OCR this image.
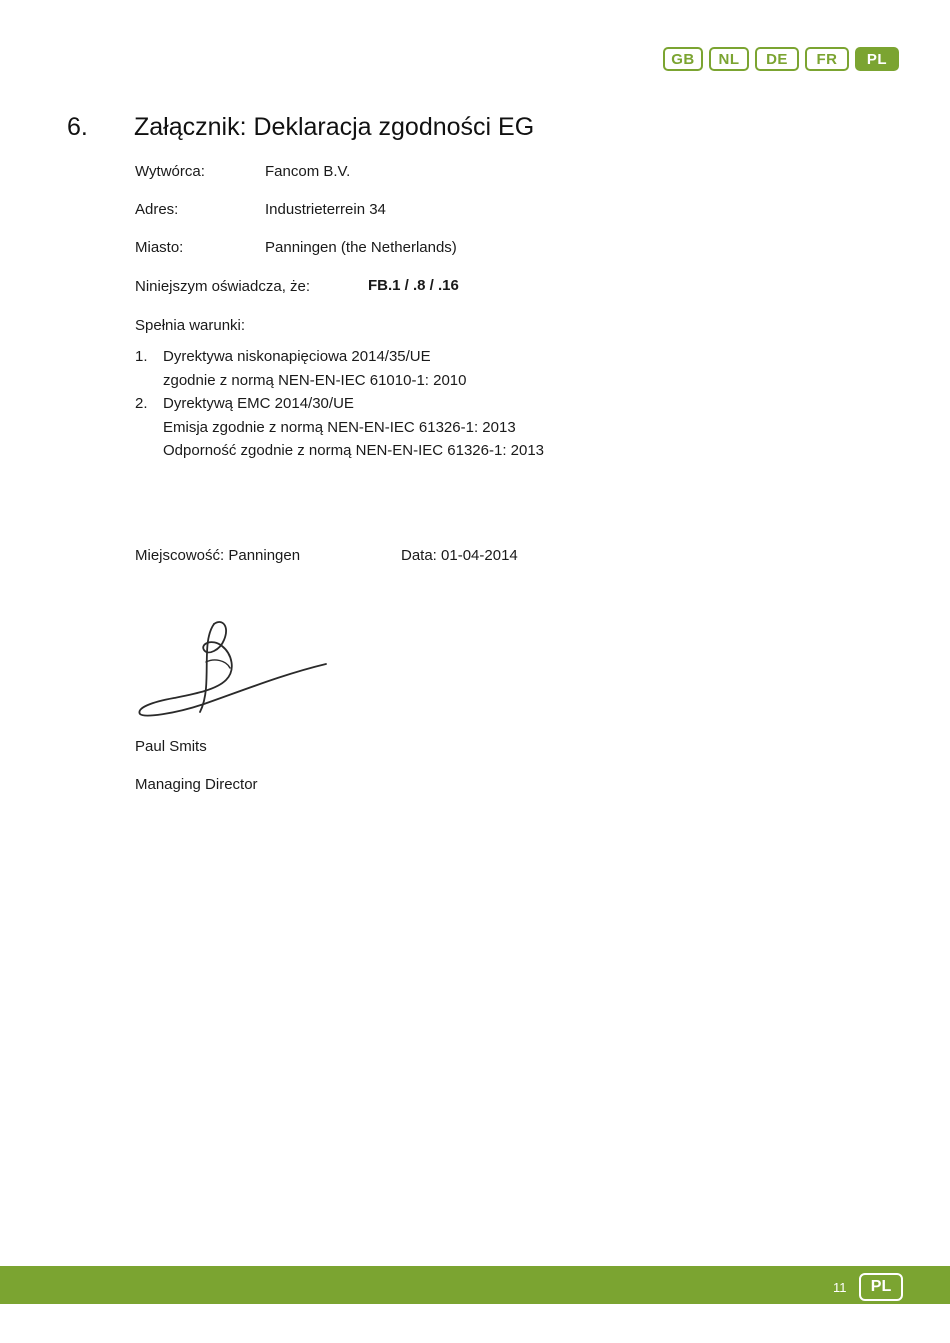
GB	NL	DE	FR	PL
6. Załącznik: Deklaracja zgodności EG
Wytwórca:	Fancom B.V.
Adres:	Industrieterrein 34
Miasto:	Panningen (the Netherlands)
Niniejszym oświadcza, że:	FB.1 / .8 / .16
Spełnia warunki:
1. Dyrektywa niskonapięciowa 2014/35/UE
zgodnie z normą NEN-EN-IEC 61010-1: 2010
2. Dyrektywą EMC 2014/30/UE
Emisja zgodnie z normą NEN-EN-IEC 61326-1: 2013
Odporność zgodnie z normą NEN-EN-IEC 61326-1: 2013
Miejscowość: Panningen	Data: 01-04-2014
Paul Smits
Managing Director
11	PL
